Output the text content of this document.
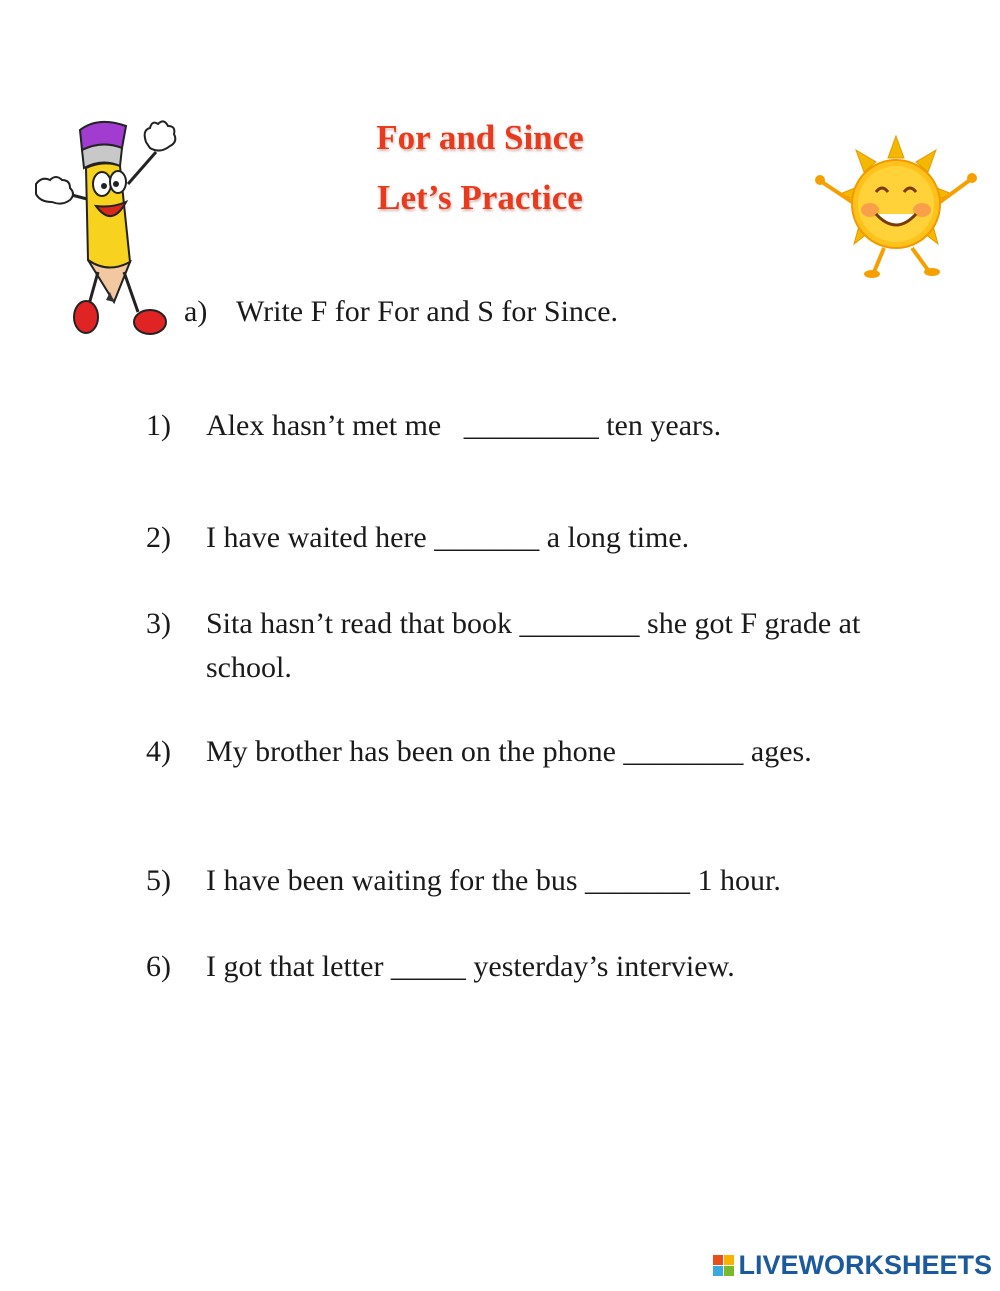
For and Since
Let’s Practice
a) Write F for For and S for Since.
1) Alex hasn’t met me   _________ ten years.
2) I have waited here _______ a long time.
3) Sita hasn’t read that book ________ she got F grade at school.
4) My brother has been on the phone ________ ages.
5) I have been waiting for the bus _______ 1 hour.
6) I got that letter _____ yesterday’s interview.
LIVEWORKSHEETS
